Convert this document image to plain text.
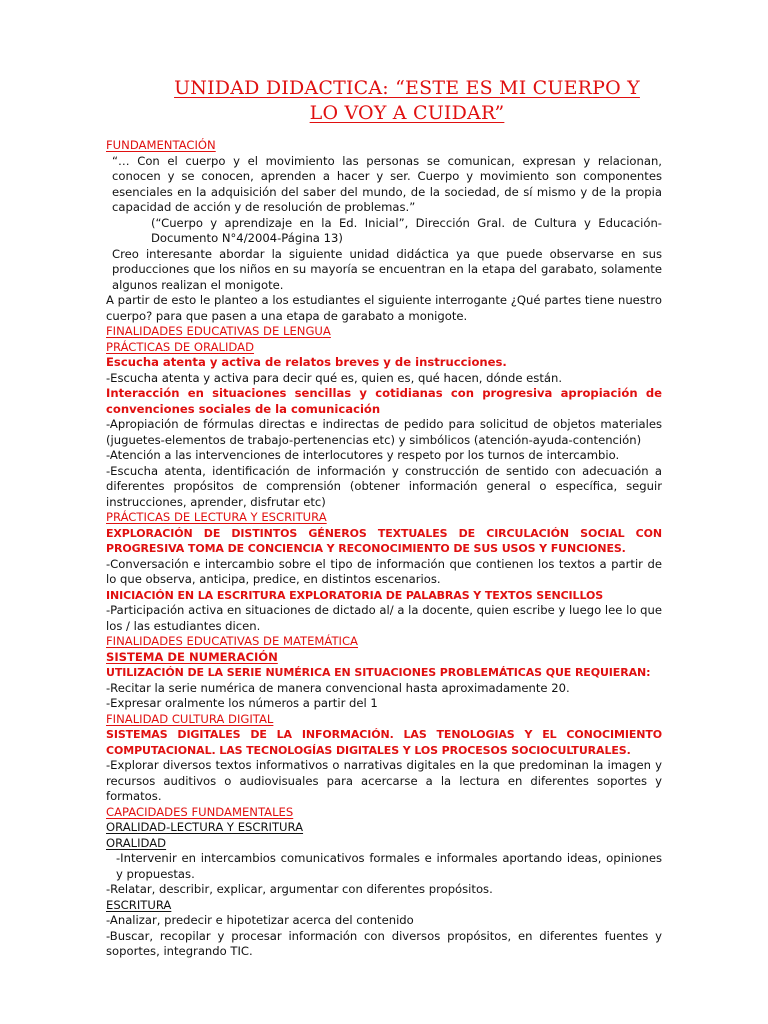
UNIDAD DIDACTICA: “ESTE ES MI CUERPO Y
LO VOY A CUIDAR”

FUNDAMENTACIÓN

“… Con el cuerpo y el movimiento las personas se comunican, expresan y relacionan, conocen y se conocen, aprenden a hacer y ser. Cuerpo y movimiento son componentes esenciales en la adquisición del saber del mundo, de la sociedad, de sí mismo y de la propia capacidad de acción y de resolución de problemas.”

(“Cuerpo y aprendizaje en la Ed. Inicial”, Dirección Gral. de Cultura y Educación- Documento N°4/2004-Página 13)

Creo interesante abordar la siguiente unidad didáctica ya que puede observarse en sus producciones que los niños en su mayoría se encuentran en la etapa del garabato, solamente algunos realizan el monigote.

A partir de esto le planteo a los estudiantes el siguiente interrogante ¿Qué partes tiene nuestro cuerpo? para que pasen a una etapa de garabato a monigote.

FINALIDADES EDUCATIVAS DE LENGUA

PRÁCTICAS DE ORALIDAD

Escucha atenta y activa de relatos breves y de instrucciones.

-Escucha atenta y activa para decir qué es, quien es, qué hacen, dónde están.

Interacción en situaciones sencillas y cotidianas con progresiva apropiación de convenciones sociales de la comunicación

-Apropiación de fórmulas directas e indirectas de pedido para solicitud de objetos materiales (juguetes-elementos de trabajo-pertenencias etc) y simbólicos (atención-ayuda-contención)

-Atención a las intervenciones de interlocutores y respeto por los turnos de intercambio.

-Escucha atenta, identificación de información y construcción de sentido con adecuación a diferentes propósitos de comprensión (obtener información general o específica, seguir instrucciones, aprender, disfrutar etc)

PRÁCTICAS DE LECTURA Y ESCRITURA

EXPLORACIÓN DE DISTINTOS GÉNEROS TEXTUALES DE CIRCULACIÓN SOCIAL CON PROGRESIVA TOMA DE CONCIENCIA Y RECONOCIMIENTO DE SUS USOS Y FUNCIONES.

-Conversación e intercambio sobre el tipo de información que contienen los textos a partir de lo que observa, anticipa, predice, en distintos escenarios.

INICIACIÓN EN LA ESCRITURA EXPLORATORIA DE PALABRAS Y TEXTOS SENCILLOS

-Participación activa en situaciones de dictado al/ a la docente, quien escribe y luego lee lo que los / las estudiantes dicen.

FINALIDADES EDUCATIVAS DE MATEMÁTICA

SISTEMA DE NUMERACIÓN

UTILIZACIÓN DE LA SERIE NUMÉRICA EN SITUACIONES PROBLEMÁTICAS QUE REQUIERAN:

-Recitar la serie numérica de manera convencional hasta aproximadamente 20.

-Expresar oralmente los números a partir del 1

FINALIDAD CULTURA DIGITAL

SISTEMAS DIGITALES DE LA INFORMACIÓN. LAS TENOLOGIAS Y EL CONOCIMIENTO COMPUTACIONAL. LAS TECNOLOGÍAS DIGITALES Y LOS PROCESOS SOCIOCULTURALES.

-Explorar diversos textos informativos o narrativas digitales en la que predominan la imagen y recursos auditivos o audiovisuales para acercarse a la lectura en diferentes soportes y formatos.

CAPACIDADES FUNDAMENTALES

ORALIDAD-LECTURA Y ESCRITURA

ORALIDAD

-Intervenir en intercambios comunicativos formales e informales aportando ideas, opiniones y propuestas.

-Relatar, describir, explicar, argumentar con diferentes propósitos.

ESCRITURA

-Analizar, predecir e hipotetizar acerca del contenido

-Buscar, recopilar y procesar información con diversos propósitos, en diferentes fuentes y soportes, integrando TIC.
